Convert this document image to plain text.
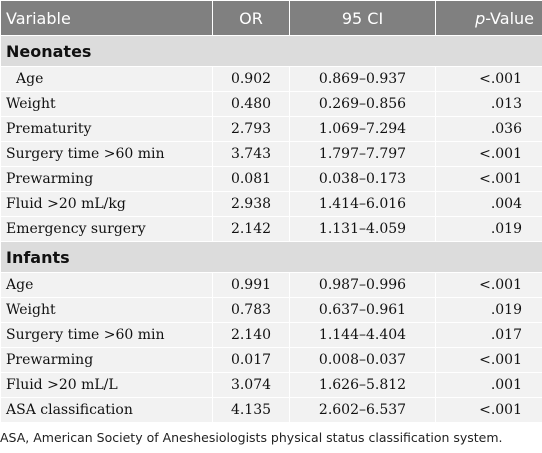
Variable	OR	95 CI	p-Value
Neonates			
Age	0.902	0.869–0.937	<.001
Weight	0.480	0.269–0.856	.013
Prematurity	2.793	1.069–7.294	.036
Surgery time >60 min	3.743	1.797–7.797	<.001
Prewarming	0.081	0.038–0.173	<.001
Fluid >20 mL/kg	2.938	1.414–6.016	.004
Emergency surgery	2.142	1.131–4.059	.019
Infants			
Age	0.991	0.987–0.996	<.001
Weight	0.783	0.637–0.961	.019
Surgery time >60 min	2.140	1.144–4.404	.017
Prewarming	0.017	0.008–0.037	<.001
Fluid >20 mL/L	3.074	1.626–5.812	.001
ASA classification	4.135	2.602–6.537	<.001
ASA, American Society of Aneshesiologists physical status classification system.
